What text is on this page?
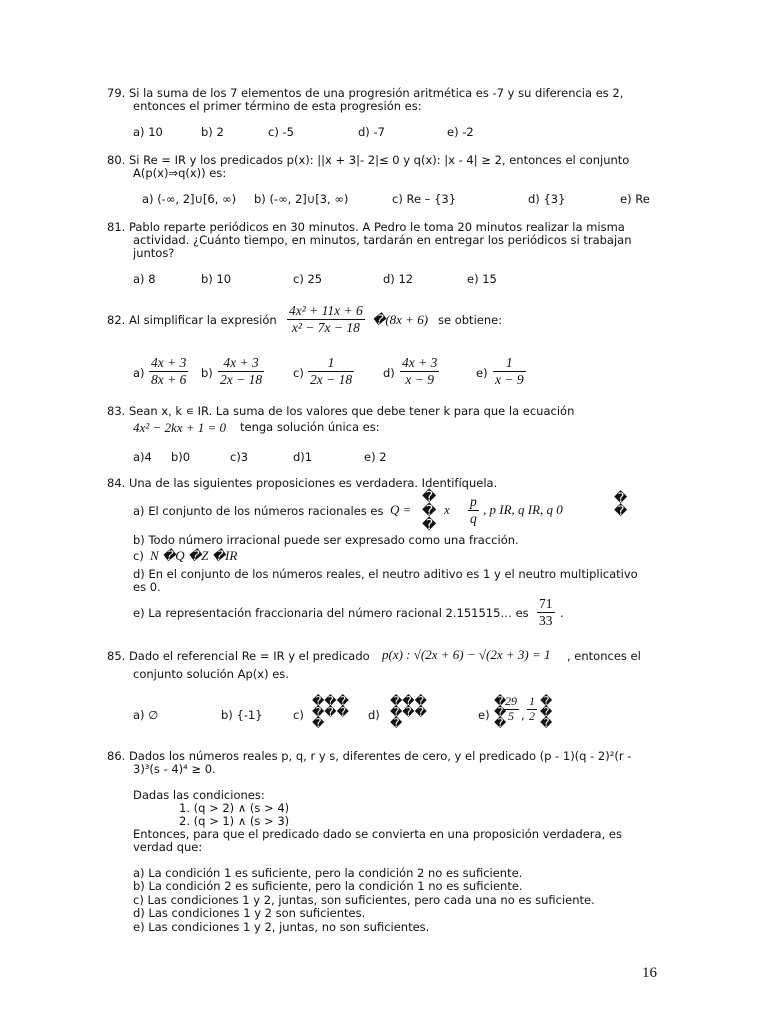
79. Si la suma de los 7 elementos de una progresión aritmética es -7 y su diferencia es 2,
entonces el primer término de esta progresión es:
a) 10	b) 2	c) -5	d) -7	e) -2
80. Si Re = IR y los predicados p(x): ||x + 3|- 2|≤ 0 y q(x): |x - 4| ≥ 2, entonces el conjunto
A(p(x)⇒q(x)) es:
a) (-∞, 2]∪[6, ∞) b) (-∞, 2]∪[3, ∞)	c) Re – {3}	d) {3}	e) Re
81. Pablo reparte periódicos en 30 minutos. A Pedro le toma 20 minutos realizar la misma
actividad. ¿Cuánto tiempo, en minutos, tardarán en entregar los periódicos si trabajan
juntos?
a) 8	b) 10	c) 25	d) 12	e) 15
82. Al simplificar la expresión
4x² + 11x + 6
x² − 7x − 18
�(8x + 6) se obtiene:
a)
4x + 3
8x + 6 b)
4x + 3
2x − 18	c)
1
2x − 18	d)
4x + 3
x − 9	e)
1
x − 9
83. Sean x, k ∊ IR. La suma de los valores que debe tener k para que la ecuación
4x² − 2kx + 1 = 0 tenga solución única es:
a)4 b)0	c)3	d)1	e) 2
84. Una de las siguientes proposiciones es verdadera. Identifíquela.
a) El conjunto de los números racionales es Q =
�
�
�
x
p
q
, p IR, q IR, q 0
�
�
b) Todo número irracional puede ser expresado como una fracción.
c) N �Q �Z �IR
d) En el conjunto de los números reales, el neutro aditivo es 1 y el neutro multiplicativo
es 0.
e) La representación fraccionaria del número racional 2.151515… es
71
33 .
85. Dado el referencial Re = IR y el predicado p(x) : √(2x + 6) − √(2x + 3) = 1 , entonces el
conjunto solución Ap(x) es.
a) ∅	b) {-1}	c)
���
���
�
d)
���
���
�
e)
�
�
�
29
5 ,
1
2
�
�
�
86. Dados los números reales p, q, r y s, diferentes de cero, y el predicado (p - 1)(q - 2)²(r -
3)³(s - 4)⁴ ≥ 0.
Dadas las condiciones:
1. (q > 2) ∧ (s > 4)
2. (q > 1) ∧ (s > 3)
Entonces, para que el predicado dado se convierta en una proposición verdadera, es
verdad que:
a) La condición 1 es suficiente, pero la condición 2 no es suficiente.
b) La condición 2 es suficiente, pero la condición 1 no es suficiente.
c) Las condiciones 1 y 2, juntas, son suficientes, pero cada una no es suficiente.
d) Las condiciones 1 y 2 son suficientes.
e) Las condiciones 1 y 2, juntas, no son suficientes.
16
